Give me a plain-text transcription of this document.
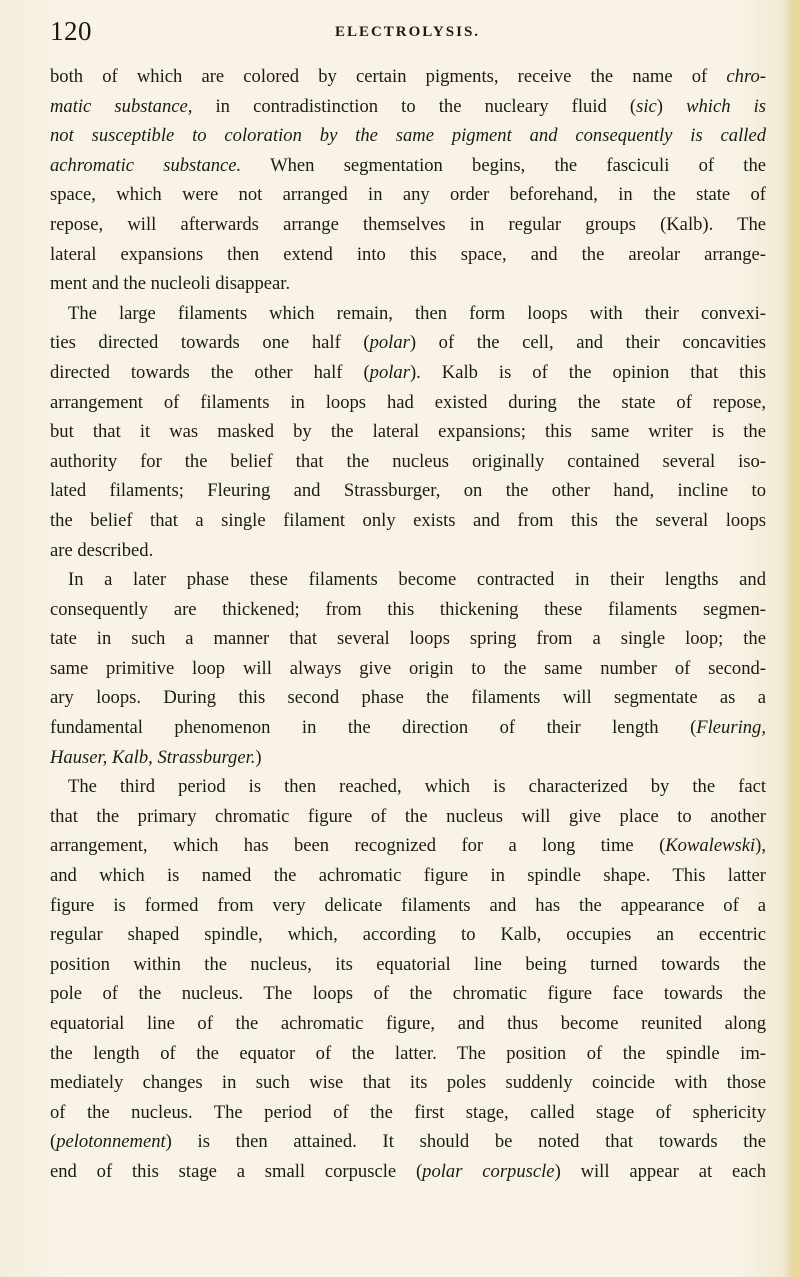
120	ELECTROLYSIS.
both of which are colored by certain pigments, receive the name of chro-
matic substance, in contradistinction to the nucleary fluid (sic) which is
not susceptible to coloration by the same pigment and consequently is called
achromatic substance. When segmentation begins, the fasciculi of the
space, which were not arranged in any order beforehand, in the state of
repose, will afterwards arrange themselves in regular groups (Kalb). The
lateral expansions then extend into this space, and the areolar arrange-
ment and the nucleoli disappear.
The large filaments which remain, then form loops with their convexi-
ties directed towards one half (polar) of the cell, and their concavities
directed towards the other half (polar). Kalb is of the opinion that this
arrangement of filaments in loops had existed during the state of repose,
but that it was masked by the lateral expansions; this same writer is the
authority for the belief that the nucleus originally contained several iso-
lated filaments; Fleuring and Strassburger, on the other hand, incline to
the belief that a single filament only exists and from this the several loops
are described.
In a later phase these filaments become contracted in their lengths and
consequently are thickened; from this thickening these filaments segmen-
tate in such a manner that several loops spring from a single loop; the
same primitive loop will always give origin to the same number of second-
ary loops. During this second phase the filaments will segmentate as a
fundamental phenomenon in the direction of their length (Fleuring,
Hauser, Kalb, Strassburger.)
The third period is then reached, which is characterized by the fact
that the primary chromatic figure of the nucleus will give place to another
arrangement, which has been recognized for a long time (Kowalewski),
and which is named the achromatic figure in spindle shape. This latter
figure is formed from very delicate filaments and has the appearance of a
regular shaped spindle, which, according to Kalb, occupies an eccentric
position within the nucleus, its equatorial line being turned towards the
pole of the nucleus. The loops of the chromatic figure face towards the
equatorial line of the achromatic figure, and thus become reunited along
the length of the equator of the latter. The position of the spindle im-
mediately changes in such wise that its poles suddenly coincide with those
of the nucleus. The period of the first stage, called stage of sphericity
(pelotonnement) is then attained. It should be noted that towards the
end of this stage a small corpuscle (polar corpuscle) will appear at each
